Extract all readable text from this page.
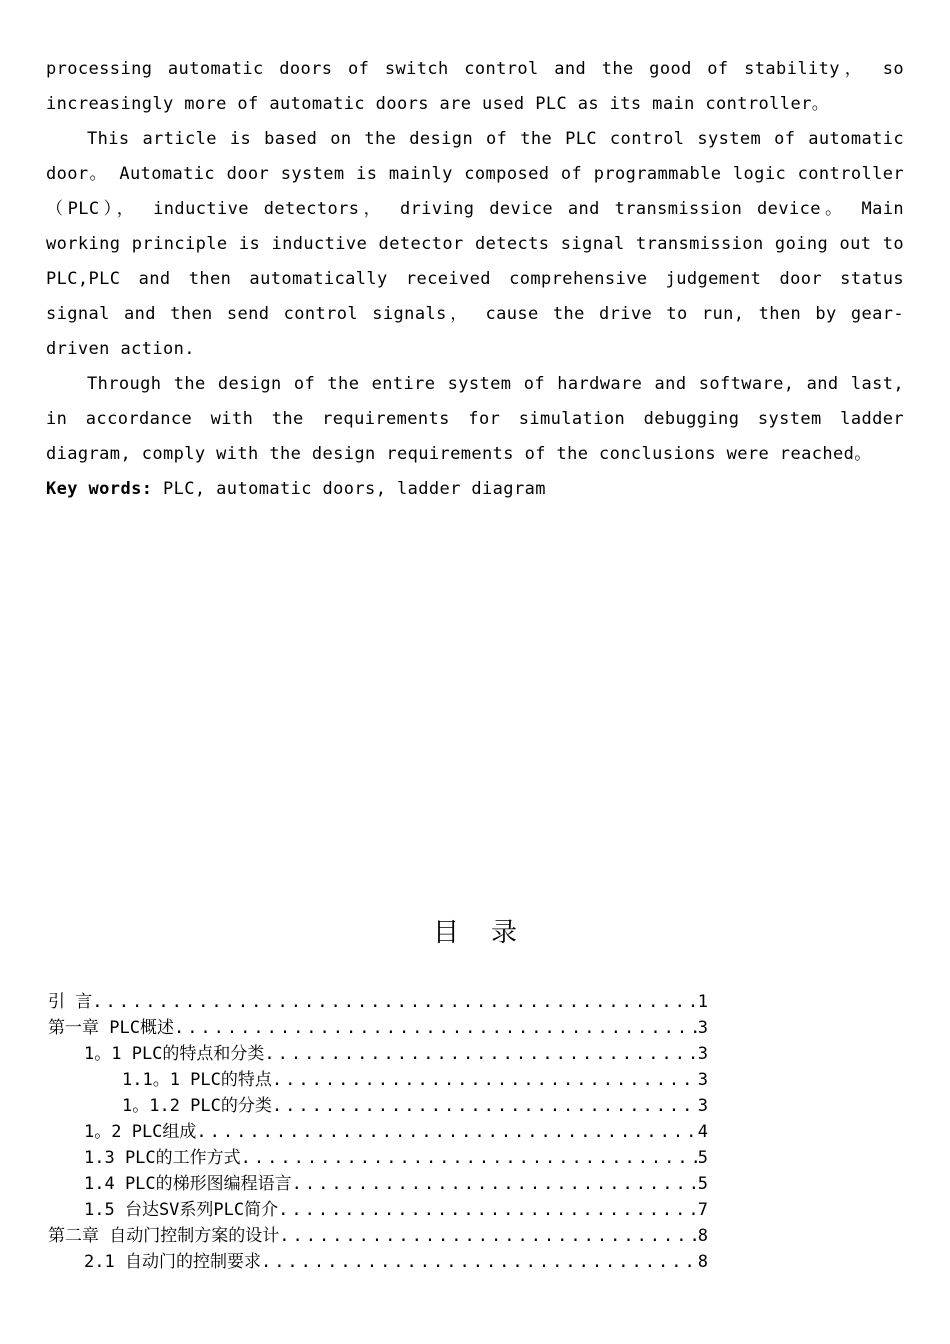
processing automatic doors of switch control and the good of stability， so increasingly more of automatic doors are used PLC as its main controller。

This article is based on the design of the PLC control system of automatic door。 Automatic door system is mainly composed of programmable logic controller （PLC）， inductive detectors， driving device and transmission device。 Main working principle is inductive detector detects signal transmission going out to PLC,PLC and then automatically received comprehensive judgement door status signal and then send control signals， cause the drive to run, then by gear-driven action.

Through the design of the entire system of hardware and software, and last, in accordance with the requirements for simulation debugging system ladder diagram, comply with the design requirements of the conclusions were reached。

Key words: PLC, automatic doors, ladder diagram

目录
引 言 .....	1
第一章 PLC概述 .....	3
1。1 PLC的特点和分类 .....	3
1.1。1 PLC的特点 .....	3
1。1.2 PLC的分类 .....	3
1。2 PLC组成 .....	4
1.3 PLC的工作方式 .....	5
1.4 PLC的梯形图编程语言 .....	5
1.5 台达SV系列PLC简介 .....	7
第二章 自动门控制方案的设计 .....	8
2.1 自动门的控制要求 .....	8
